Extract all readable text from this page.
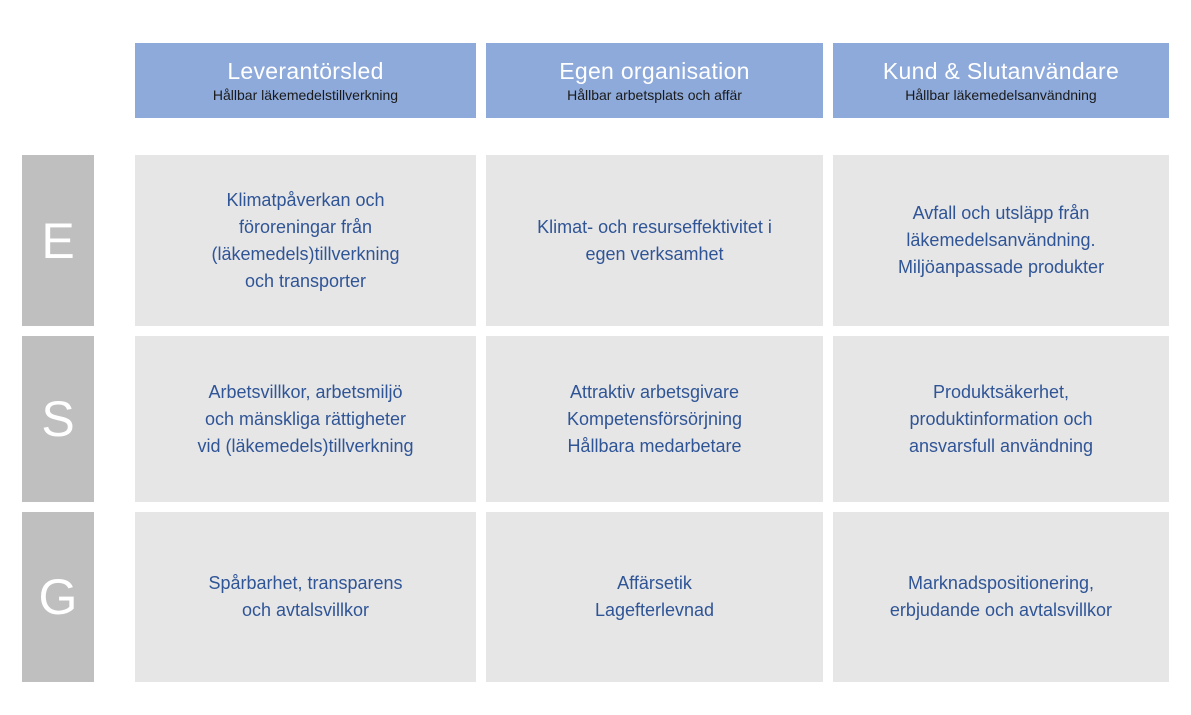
Leverantörsled
Hållbar läkemedelstillverkning
Egen organisation
Hållbar arbetsplats och affär
Kund & Slutanvändare
Hållbar läkemedelsanvändning
E
S
G
Klimatpåverkan och
föroreningar från
(läkemedels)tillverkning
och transporter
Klimat- och resurseffektivitet i
egen verksamhet
Avfall och utsläpp från
läkemedelsanvändning.
Miljöanpassade produkter
Arbetsvillkor, arbetsmiljö
och mänskliga rättigheter
vid (läkemedels)tillverkning
Attraktiv arbetsgivare
Kompetensförsörjning
Hållbara medarbetare
Produktsäkerhet,
produktinformation och
ansvarsfull användning
Spårbarhet, transparens
och avtalsvillkor
Affärsetik
Lagefterlevnad
Marknadspositionering,
erbjudande och avtalsvillkor
